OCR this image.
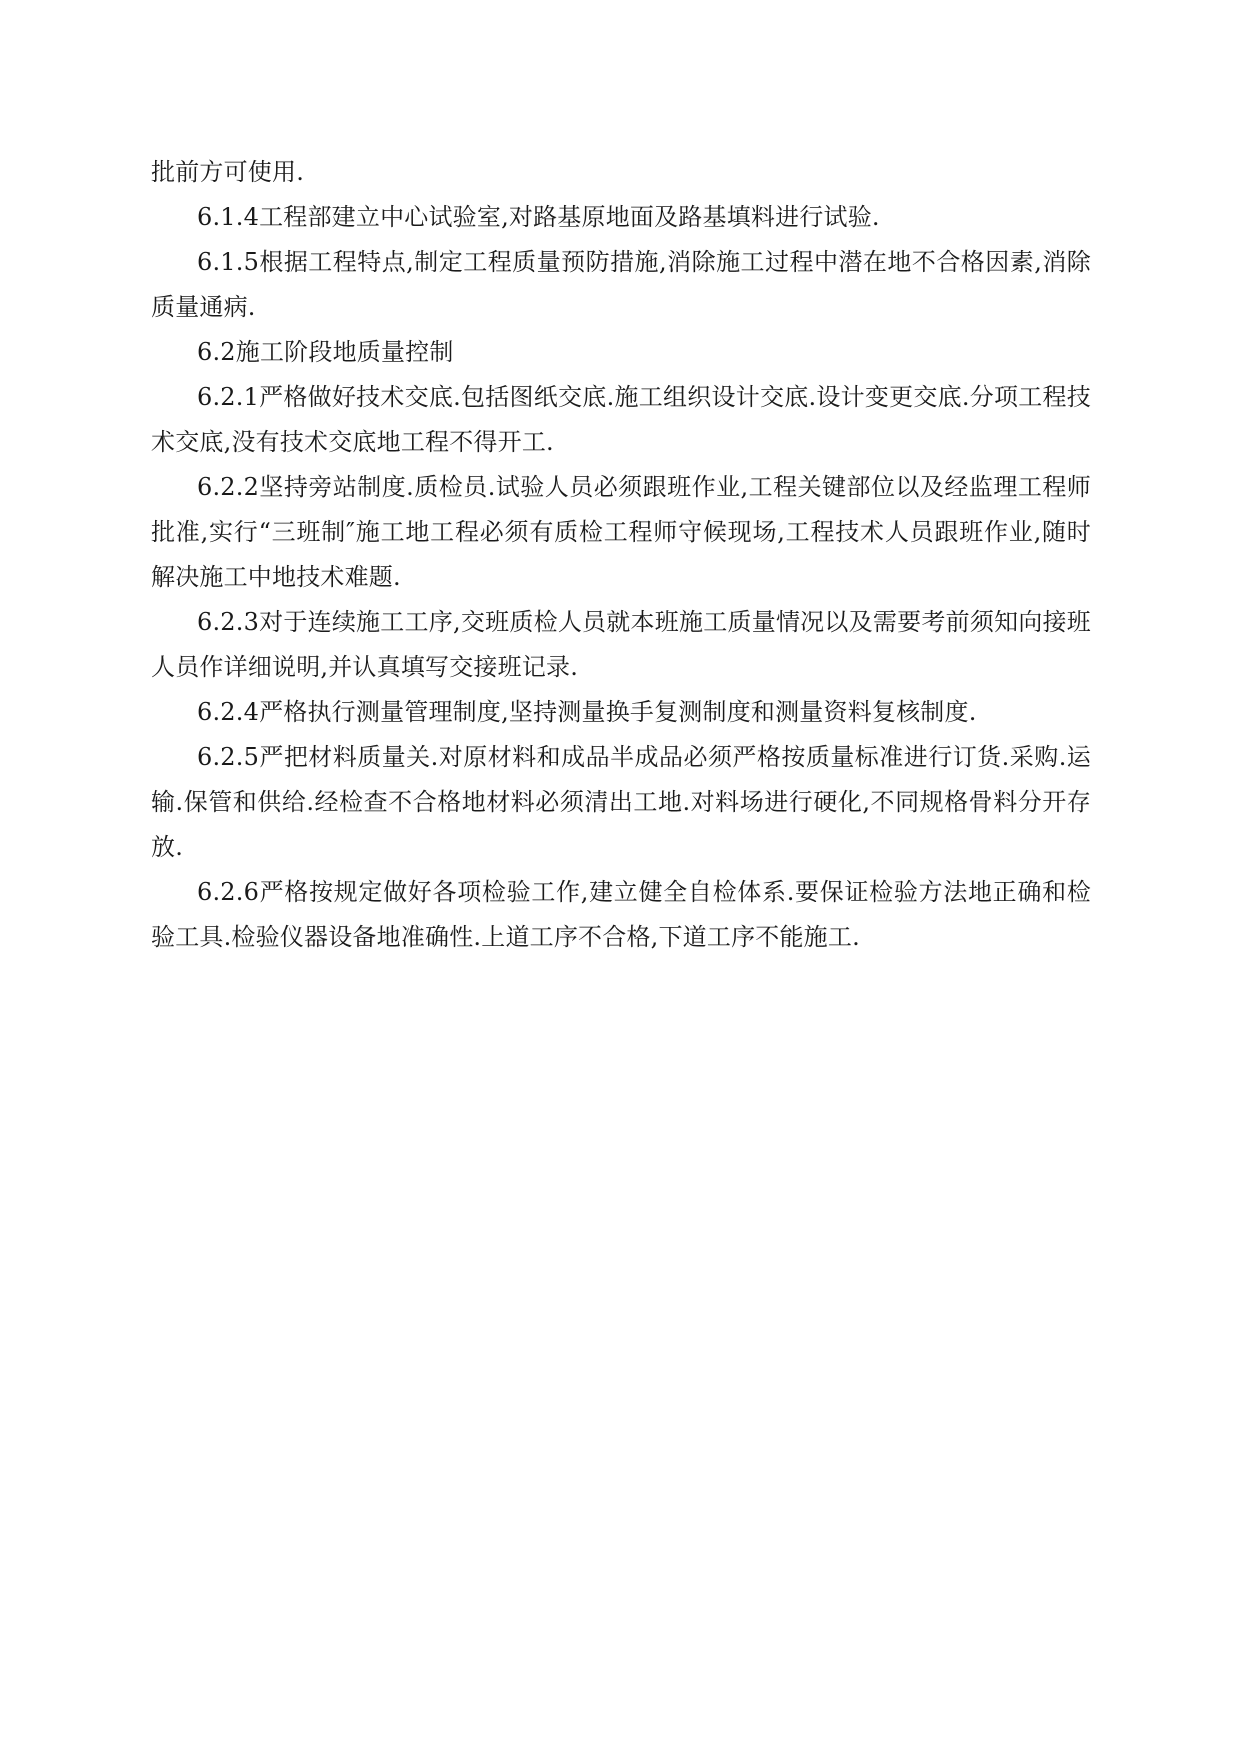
批前方可使用.

6.1.4工程部建立中心试验室,对路基原地面及路基填料进行试验.

6.1.5根据工程特点,制定工程质量预防措施,消除施工过程中潜在地不合格因素,消除质量通病.

6.2施工阶段地质量控制

6.2.1严格做好技术交底.包括图纸交底.施工组织设计交底.设计变更交底.分项工程技术交底,没有技术交底地工程不得开工.

6.2.2坚持旁站制度.质检员.试验人员必须跟班作业,工程关键部位以及经监理工程师批准,实行“三班制″施工地工程必须有质检工程师守候现场,工程技术人员跟班作业,随时解决施工中地技术难题.

6.2.3对于连续施工工序,交班质检人员就本班施工质量情况以及需要考前须知向接班人员作详细说明,并认真填写交接班记录.

6.2.4严格执行测量管理制度,坚持测量换手复测制度和测量资料复核制度.

6.2.5严把材料质量关.对原材料和成品半成品必须严格按质量标准进行订货.采购.运输.保管和供给.经检查不合格地材料必须清出工地.对料场进行硬化,不同规格骨料分开存放.

6.2.6严格按规定做好各项检验工作,建立健全自检体系.要保证检验方法地正确和检验工具.检验仪器设备地准确性.上道工序不合格,下道工序不能施工.
